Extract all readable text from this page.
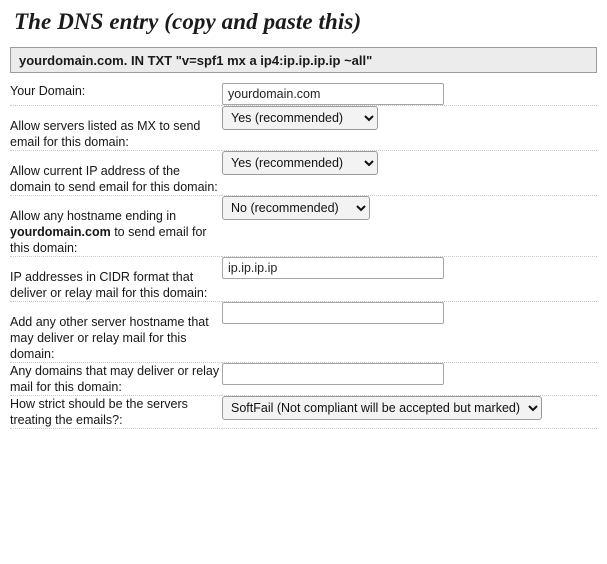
The DNS entry (copy and paste this)
yourdomain.com. IN TXT "v=spf1 mx a ip4:ip.ip.ip.ip ~all"
Your Domain:	yourdomain.com
Allow servers listed as MX to send email for this domain:	
Yes (recommended)
Allow current IP address of the domain to send email for this domain:	
Yes (recommended)
Allow any hostname ending in yourdomain.com to send email for this domain:	
No (recommended)
IP addresses in CIDR format that deliver or relay mail for this domain:	ip.ip.ip.ip
Add any other server hostname that may deliver or relay mail for this domain:	
Any domains that may deliver or relay mail for this domain:	
How strict should be the servers treating the emails?:	
SoftFail (Not compliant will be accepted but marked)
